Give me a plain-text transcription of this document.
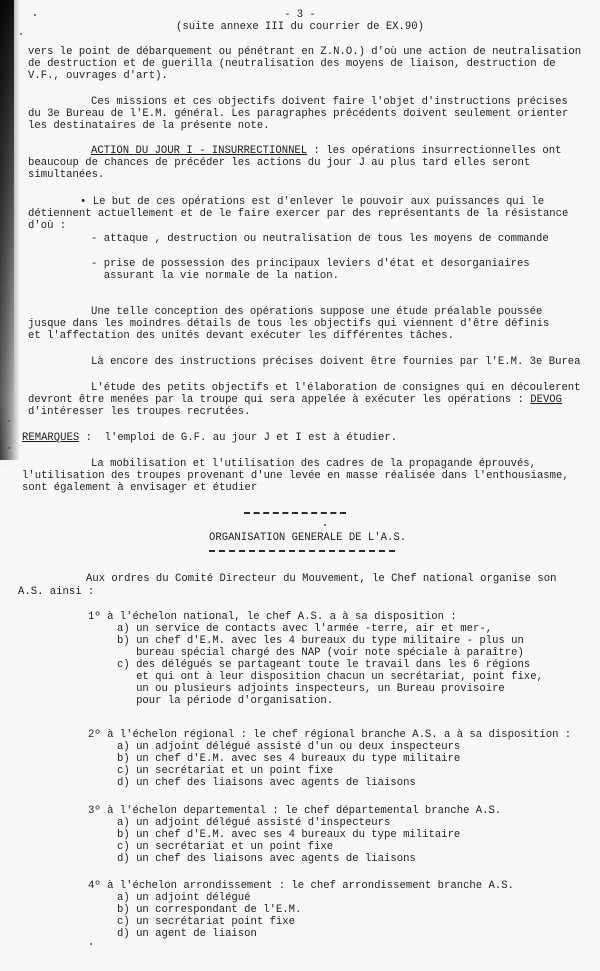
- 3 -
(suite annexe III du courrier de EX.90)
vers le point de débarquement ou pénétrant en Z.N.O.) d'où une action de neutralisation
de destruction et de guerilla (neutralisation des moyens de liaison, destruction de
V.F., ouvrages d'art).
Ces missions et ces objectifs doivent faire l'objet d'instructions précises
du 3e Bureau de l'E.M. général. Les paragraphes précédents doivent seulement orienter
les destinataires de la présente note.
ACTION DU JOUR I - INSURRECTIONNEL : les opérations insurrectionnelles ont
beaucoup de chances de précéder les actions du jour J au plus tard elles seront
simultanées.
• Le but de ces opérations est d'enlever le pouvoir aux puissances qui le
détiennent actuellement et de le faire exercer par des représentants de la résistance
d'où :
- attaque , destruction ou neutralisation de tous les moyens de commande
- prise de possession des principaux leviers d'état et desorganiaires
assurant la vie normale de la nation.
Une telle conception des opérations suppose une étude préalable poussée
jusque dans les moindres détails de tous les objectifs qui viennent d'être définis
et l'affectation des unités devant exécuter les différentes tâches.
Là encore des instructions précises doivent être fournies par l'E.M. 3e Burea
L'étude des petits objectifs et l'élaboration de consignes qui en découlerent
devront être menées par la troupe qui sera appelée à exécuter les opérations : DEVOG
d'intéresser les troupes recrutées.
REMARQUES :  l'emploi de G.F. au jour J et I est à étudier.
La mobilisation et l'utilisation des cadres de la propagande éprouvés,
l'utilisation des troupes provenant d'une levée en masse réalisée dans l'enthousiasme,
sont également à envisager et étudier
ORGANISATION GENERALE DE L'A.S.
Aux ordres du Comité Directeur du Mouvement, le Chef national organise son
A.S. ainsi :
1º à l'échelon national, le chef A.S. a à sa disposition :
a) un service de contacts avec l'armée -terre, air et mer-,
b) un chef d'E.M. avec les 4 bureaux du type militaire - plus un
bureau spécial chargé des NAP (voir note spéciale à paraître)
c) des délégués se partageant toute le travail dans les 6 régions
et qui ont à leur disposition chacun un secrétariat, point fixe,
un ou plusieurs adjoints inspecteurs, un Bureau provisoire
pour la période d'organisation.
2º à l'échelon régional : le chef régional branche A.S. a à sa disposition :
a) un adjoint délégué assisté d'un ou deux inspecteurs
b) un chef d'E.M. avec ses 4 bureaux du type militaire
c) un secrétariat et un point fixe
d) un chef des liaisons avec agents de liaisons
3º à l'échelon departemental : le chef départemental branche A.S.
a) un adjoint délégué assisté d'inspecteurs
b) un chef d'E.M. avec ses 4 bureaux du type militaire
c) un secrétariat et un point fixe
d) un chef des liaisons avec agents de liaisons
4º à l'échelon arrondissement : le chef arrondissement branche A.S.
a) un adjoint délégué
b) un correspondant de l'E.M.
c) un secrétariat point fixe
d) un agent de liaison
